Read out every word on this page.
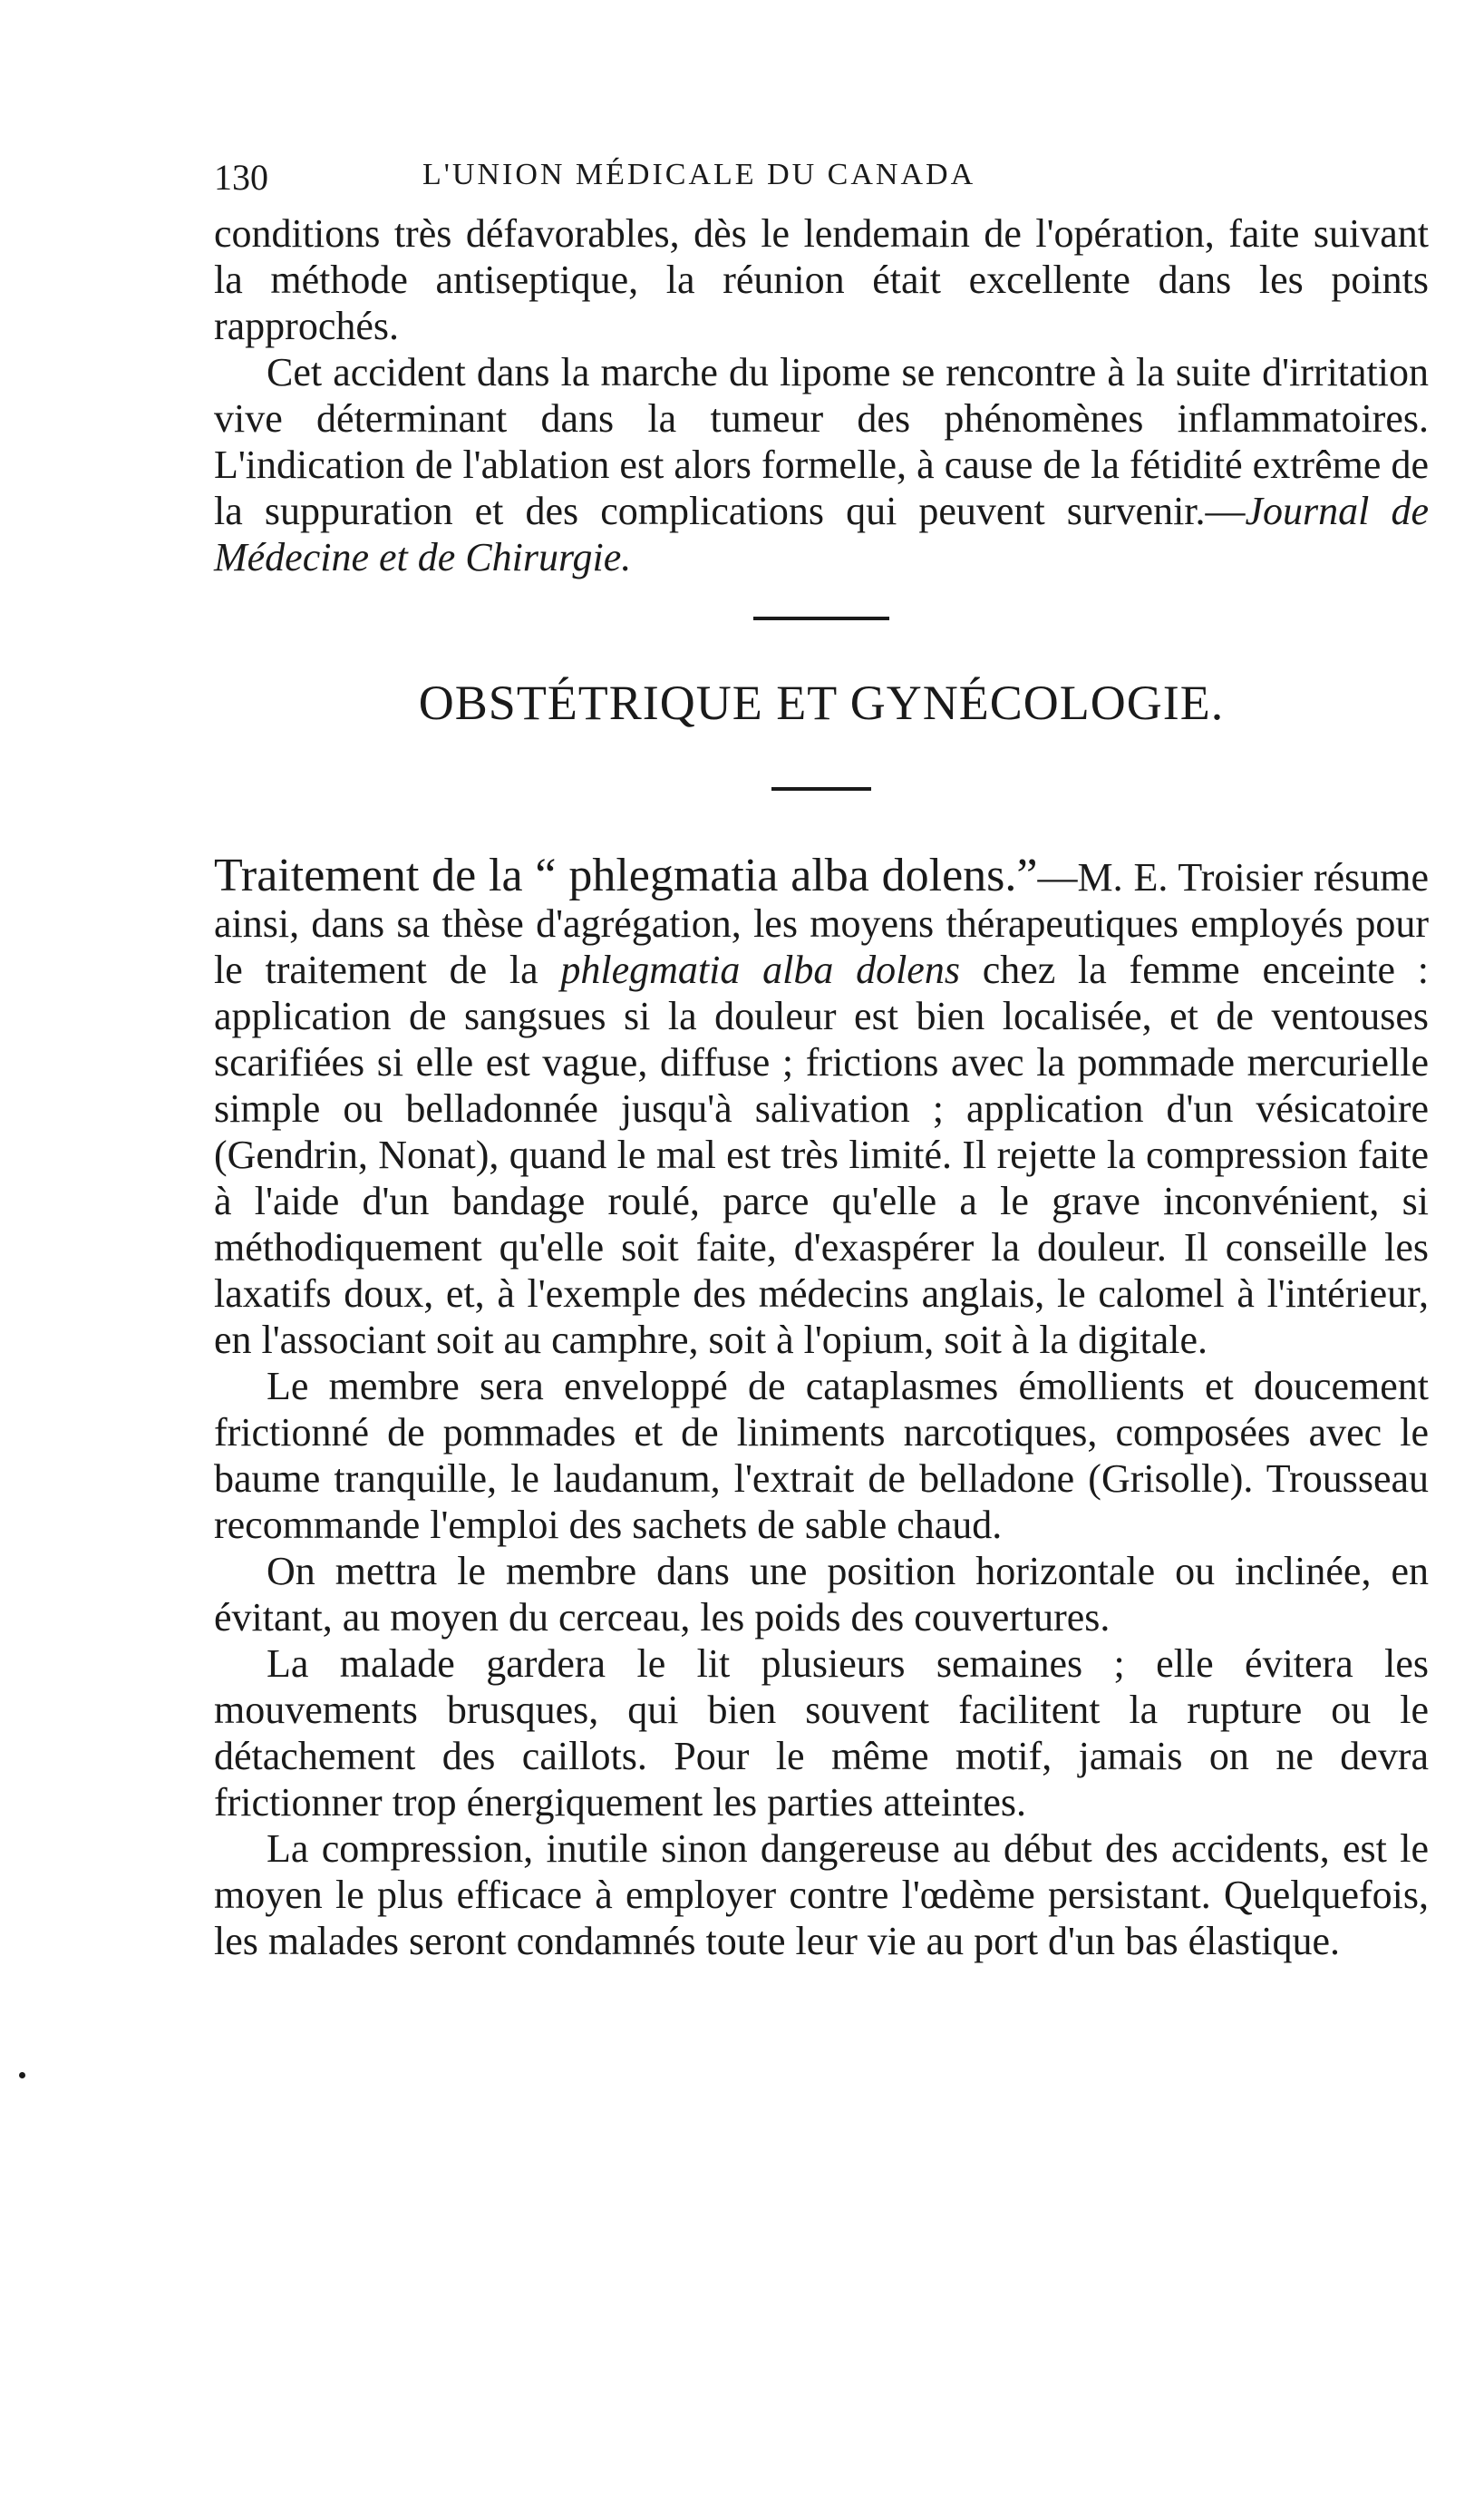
130	L'UNION MÉDICALE DU CANADA

conditions très défavorables, dès le lendemain de l'opération, faite suivant la méthode antiseptique, la réunion était excellente dans les points rapprochés.

Cet accident dans la marche du lipome se rencontre à la suite d'irritation vive déterminant dans la tumeur des phénomènes inflammatoires. L'indication de l'ablation est alors formelle, à cause de la fétidité extrême de la suppuration et des complications qui peuvent survenir.—Journal de Médecine et de Chirurgie.

OBSTÉTRIQUE ET GYNÉCOLOGIE.

Traitement de la “ phlegmatia alba dolens.”—M. E. Troisier résume ainsi, dans sa thèse d'agrégation, les moyens thérapeutiques employés pour le traitement de la phlegmatia alba dolens chez la femme enceinte : application de sangsues si la douleur est bien localisée, et de ventouses scarifiées si elle est vague, diffuse ; frictions avec la pommade mercurielle simple ou belladonnée jusqu'à salivation ; application d'un vésicatoire (Gendrin, Nonat), quand le mal est très limité. Il rejette la compression faite à l'aide d'un bandage roulé, parce qu'elle a le grave inconvénient, si méthodiquement qu'elle soit faite, d'exaspérer la douleur. Il conseille les laxatifs doux, et, à l'exemple des médecins anglais, le calomel à l'intérieur, en l'associant soit au camphre, soit à l'opium, soit à la digitale.

Le membre sera enveloppé de cataplasmes émollients et doucement frictionné de pommades et de liniments narcotiques, composées avec le baume tranquille, le laudanum, l'extrait de belladone (Grisolle). Trousseau recommande l'emploi des sachets de sable chaud.

On mettra le membre dans une position horizontale ou inclinée, en évitant, au moyen du cerceau, les poids des couvertures.

La malade gardera le lit plusieurs semaines ; elle évitera les mouvements brusques, qui bien souvent facilitent la rupture ou le détachement des caillots. Pour le même motif, jamais on ne devra frictionner trop énergiquement les parties atteintes.

La compression, inutile sinon dangereuse au début des accidents, est le moyen le plus efficace à employer contre l'œdème persistant. Quelquefois, les malades seront condamnés toute leur vie au port d'un bas élastique.
